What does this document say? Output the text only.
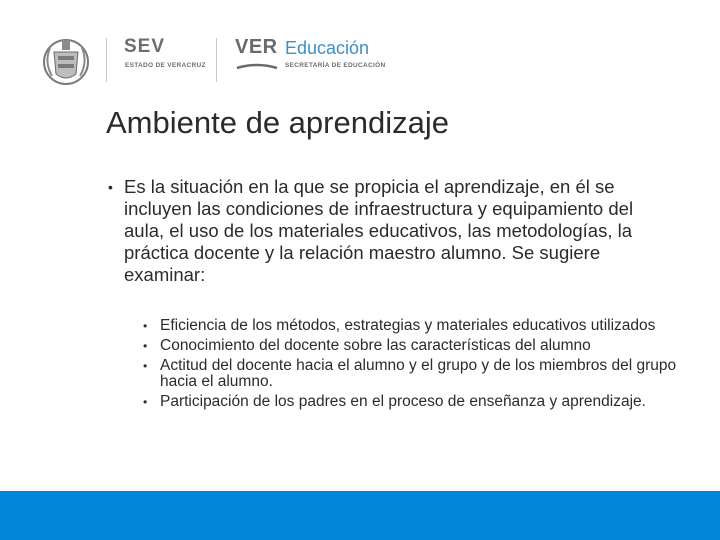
SEV
ESTADO DE VERACRUZ
VER Educación
SECRETARÍA DE EDUCACIÓN
Ambiente de aprendizaje
• Es la situación en la que se propicia el aprendizaje, en él se incluyen las condiciones de infraestructura y equipamiento del aula, el uso de los materiales educativos, las metodologías, la práctica docente y la relación maestro alumno. Se sugiere examinar:
• Eficiencia de los métodos, estrategias y materiales educativos utilizados
• Conocimiento del docente sobre las características del alumno
• Actitud del docente hacia el alumno y el grupo y de los miembros del grupo hacia el alumno.
• Participación de los padres en el proceso de enseñanza y aprendizaje.
